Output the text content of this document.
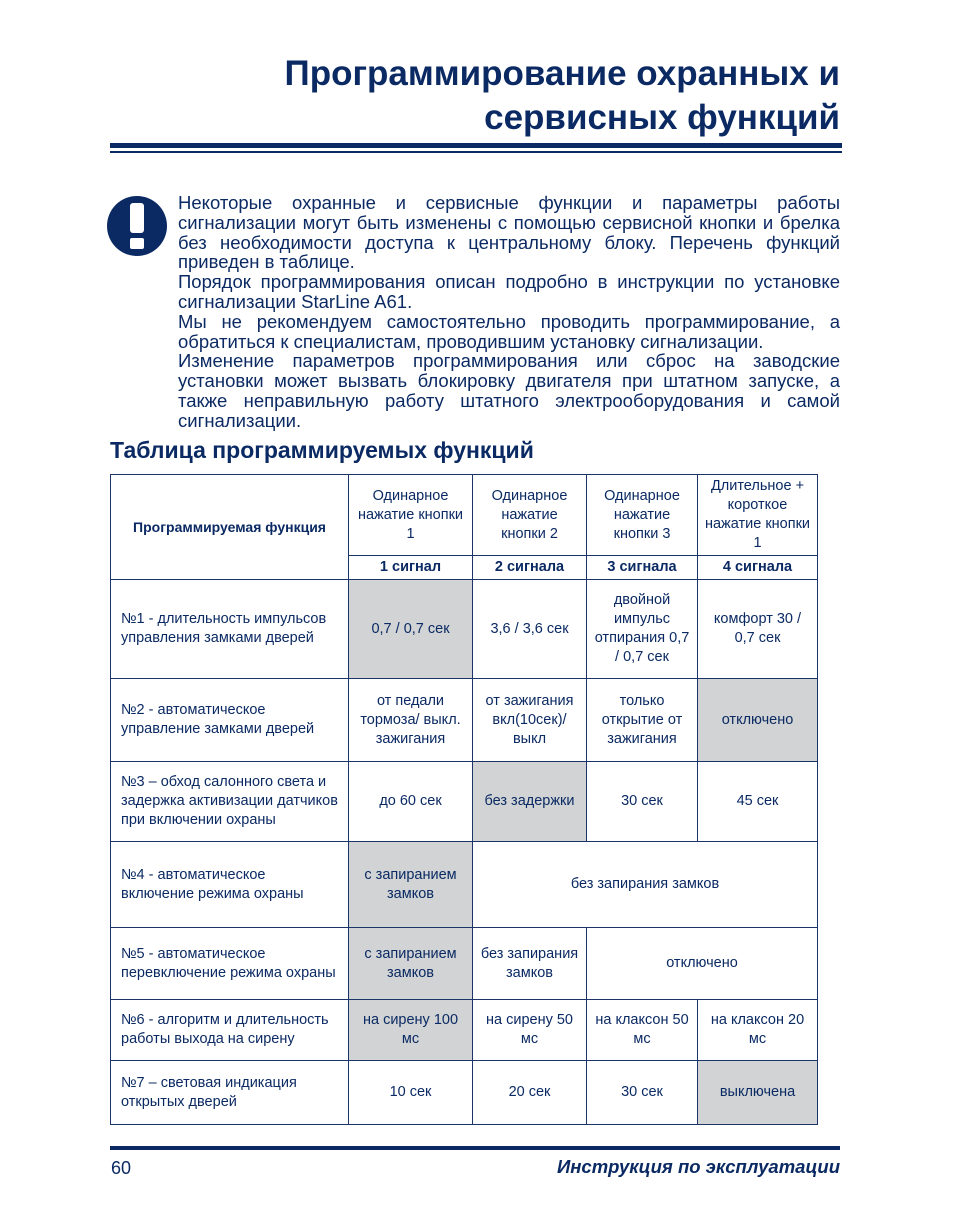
Программирование охранных и
сервисных функций

Некоторые охранные и сервисные функции и параметры работы сигнализации могут быть изменены с помощью сервисной кнопки и брелка без необходимости доступа к центральному блоку. Перечень функций приведен в таблице.

Порядок программирования описан подробно в инструкции по установке сигнализации StarLine A61.

Мы не рекомендуем самостоятельно проводить программирование, а обратиться к специалистам, проводившим установку сигнализации.

Изменение параметров программирования или сброс на заводские установки может вызвать блокировку двигателя при штатном запуске, а также неправильную работу штатного электрооборудования и самой сигнализации.

Таблица программируемых функций
Программируемая функция	Одинарное нажатие кнопки 1	Одинарное нажатие кнопки 2	Одинарное нажатие кнопки 3	Длительное + короткое нажатие кнопки 1
	1 сигнал	2 сигнала	3 сигнала	4 сигнала
№1 - длительность импульсов управления замками дверей	0,7 / 0,7 сек	3,6 / 3,6 сек	двойной импульс отпирания 0,7 / 0,7 сек	комфорт 30 / 0,7 сек
№2 - автоматическое управление замками дверей	от педали тормоза/ выкл. зажигания	от зажигания вкл(10сек)/ выкл	только открытие от зажигания	отключено
№3 – обход салонного света и задержка активизации датчиков при включении охраны	до 60 сек	без задержки	30 сек	45 сек
№4 - автоматическое включение режима охраны	с запиранием замков	без запирания замков		
№5 - автоматическое перевключение режима охраны	с запиранием замков	без запирания замков	отключено	
№6 - алгоритм и длительность работы выхода на сирену	на сирену 100 мс	на сирену 50 мс	на клаксон 50 мс	на клаксон 20 мс
№7 – световая индикация открытых дверей	10 сек	20 сек	30 сек	выключена
60	Инструкция по эксплуатации
